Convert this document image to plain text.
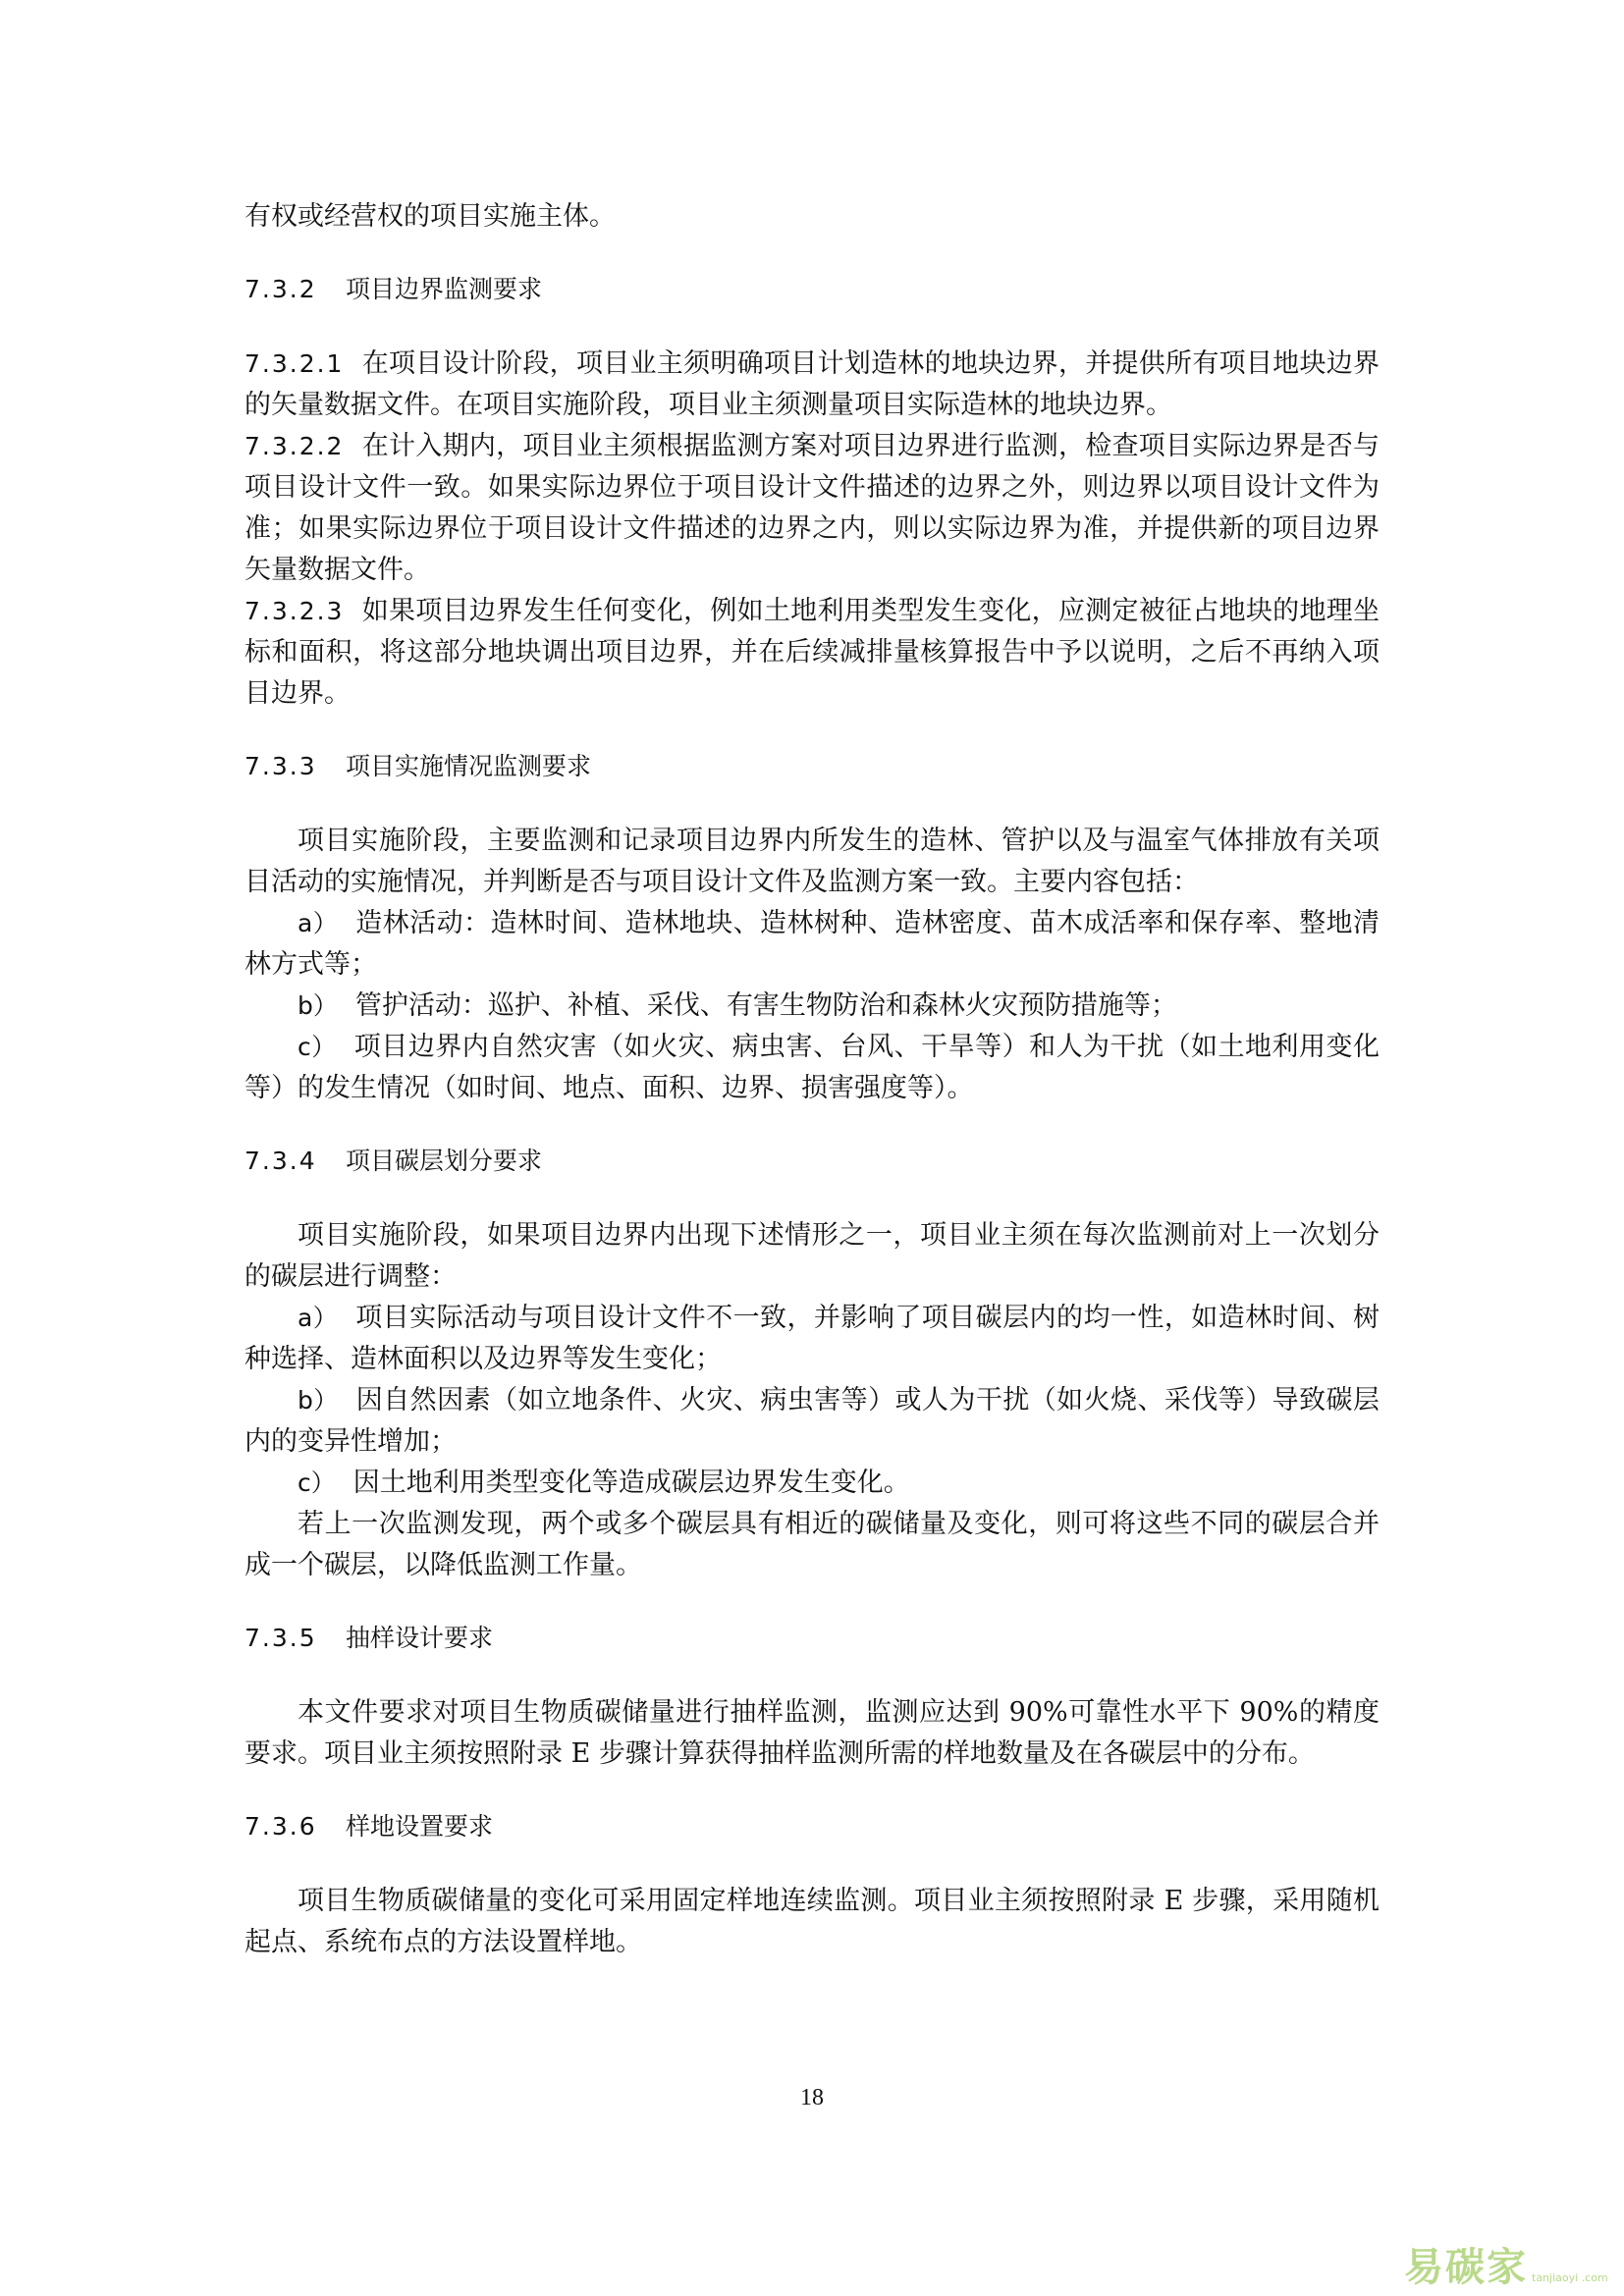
有权或经营权的项目实施主体。

7.3.2 项目边界监测要求

7.3.2.1 在项目设计阶段，项目业主须明确项目计划造林的地块边界，并提供所有项目地块边界的矢量数据文件。在项目实施阶段，项目业主须测量项目实际造林的地块边界。

7.3.2.2 在计入期内，项目业主须根据监测方案对项目边界进行监测，检查项目实际边界是否与项目设计文件一致。如果实际边界位于项目设计文件描述的边界之外，则边界以项目设计文件为准；如果实际边界位于项目设计文件描述的边界之内，则以实际边界为准，并提供新的项目边界矢量数据文件。

7.3.2.3 如果项目边界发生任何变化，例如土地利用类型发生变化，应测定被征占地块的地理坐标和面积，将这部分地块调出项目边界，并在后续减排量核算报告中予以说明，之后不再纳入项目边界。

7.3.3 项目实施情况监测要求

项目实施阶段，主要监测和记录项目边界内所发生的造林、管护以及与温室气体排放有关项目活动的实施情况，并判断是否与项目设计文件及监测方案一致。主要内容包括：

a） 造林活动：造林时间、造林地块、造林树种、造林密度、苗木成活率和保存率、整地清林方式等；

b） 管护活动：巡护、补植、采伐、有害生物防治和森林火灾预防措施等；

c） 项目边界内自然灾害（如火灾、病虫害、台风、干旱等）和人为干扰（如土地利用变化等）的发生情况（如时间、地点、面积、边界、损害强度等）。

7.3.4 项目碳层划分要求

项目实施阶段，如果项目边界内出现下述情形之一，项目业主须在每次监测前对上一次划分的碳层进行调整：

a） 项目实际活动与项目设计文件不一致，并影响了项目碳层内的均一性，如造林时间、树种选择、造林面积以及边界等发生变化；

b） 因自然因素（如立地条件、火灾、病虫害等）或人为干扰（如火烧、采伐等）导致碳层内的变异性增加；

c） 因土地利用类型变化等造成碳层边界发生变化。

若上一次监测发现，两个或多个碳层具有相近的碳储量及变化，则可将这些不同的碳层合并成一个碳层，以降低监测工作量。

7.3.5 抽样设计要求

本文件要求对项目生物质碳储量进行抽样监测，监测应达到 90%可靠性水平下 90%的精度要求。项目业主须按照附录 E 步骤计算获得抽样监测所需的样地数量及在各碳层中的分布。

7.3.6 样地设置要求

项目生物质碳储量的变化可采用固定样地连续监测。项目业主须按照附录 E 步骤，采用随机起点、系统布点的方法设置样地。

18
易碳家 tanjiaoyi .com
